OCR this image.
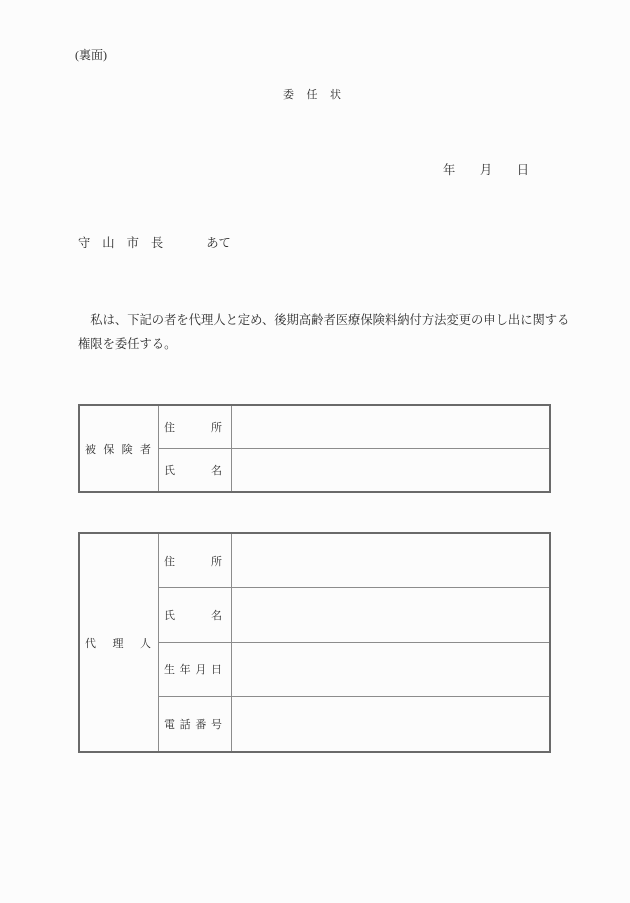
(裏面)
委任状
年　　月　　日
守山市長	あて
　私は、下記の者を代理人と定め、後期高齢者医療保険料納付方法変更の申し出に関する
権限を委任する。
被 保 険 者
住	所
氏	名
代 理 人
住	所
氏	名
生 年 月 日
電 話 番 号
